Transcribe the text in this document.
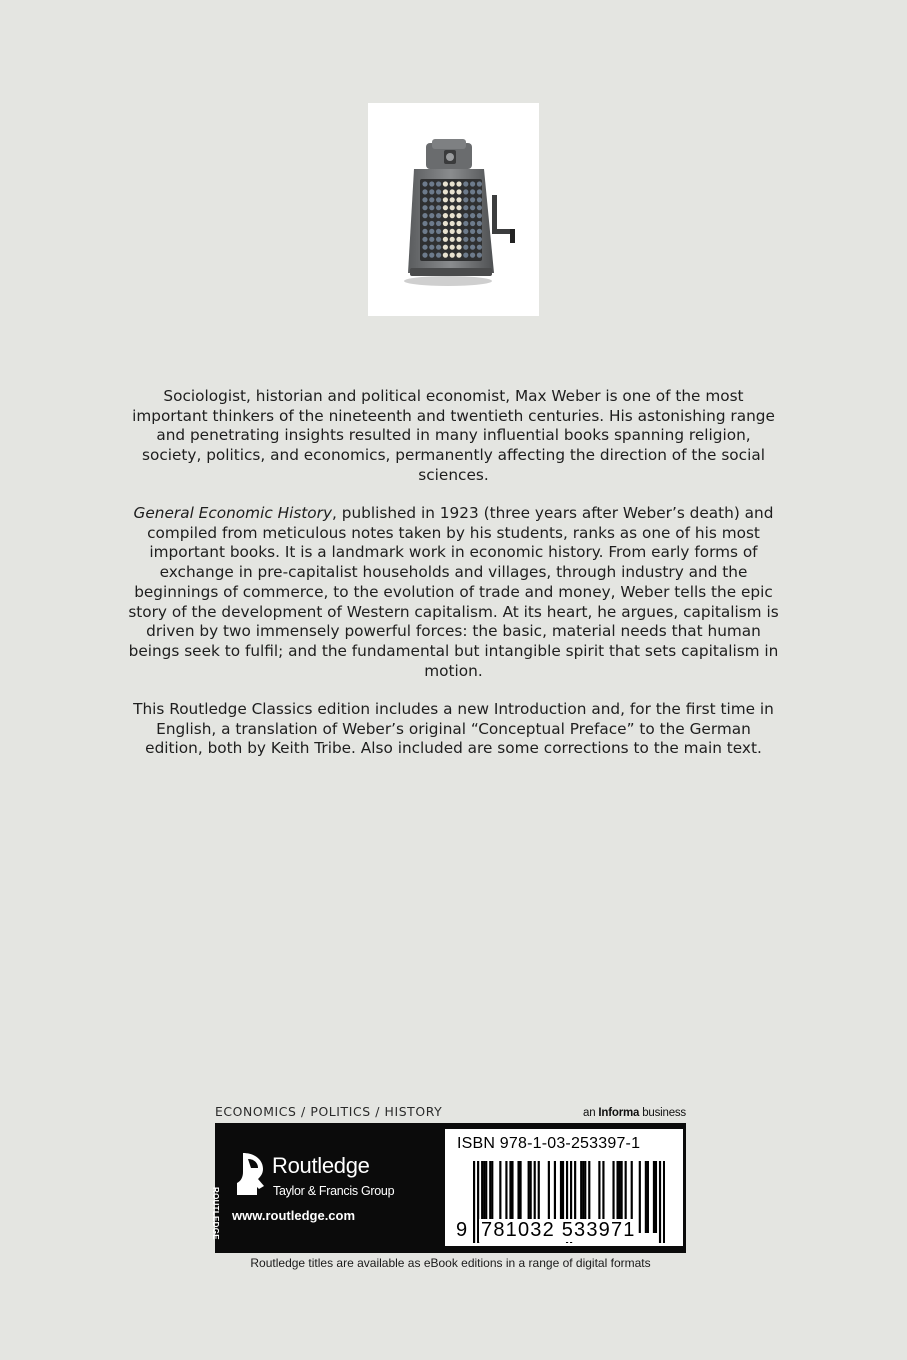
Sociologist, historian and political economist, Max Weber is one of the most important thinkers of the nineteenth and twentieth centuries. His astonishing range and penetrating insights resulted in many influential books spanning religion, society, politics, and economics, permanently affecting the direction of the social sciences.

General Economic History, published in 1923 (three years after Weber’s death) and compiled from meticulous notes taken by his students, ranks as one of his most important books. It is a landmark work in economic history. From early forms of exchange in pre-capitalist households and villages, through industry and the beginnings of commerce, to the evolution of trade and money, Weber tells the epic story of the development of Western capitalism. At its heart, he argues, capitalism is driven by two immensely powerful forces: the basic, material needs that human beings seek to fulfil; and the fundamental but intangible spirit that sets capitalism in motion.

This Routledge Classics edition includes a new Introduction and, for the first time in English, a translation of Weber’s original “Conceptual Preface” to the German edition, both by Keith Tribe. Also included are some corrections to the main text.

ECONOMICS / POLITICS / HISTORY	an Informa business
ROUTLEDGE
Routledge
Taylor & Francis Group
www.routledge.com
ISBN 978-1-03-253397-1
9 781032 533971
Routledge titles are available as eBook editions in a range of digital formats
